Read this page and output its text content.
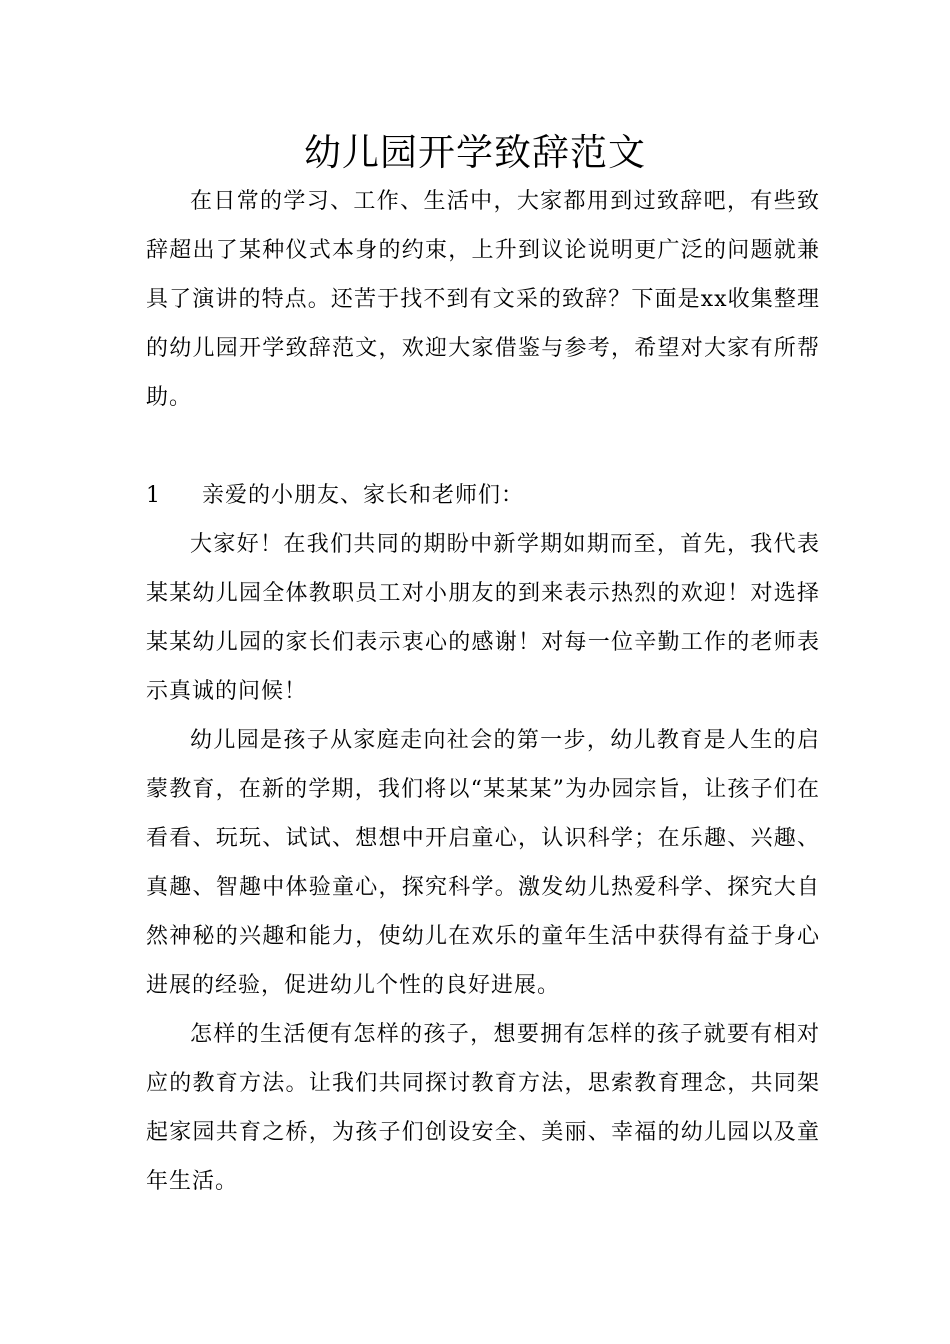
幼儿园开学致辞范文

在日常的学习、工作、生活中，大家都用到过致辞吧，有些致辞超出了某种仪式本身的约束，上升到议论说明更广泛的问题就兼具了演讲的特点。还苦于找不到有文采的致辞？下面是xx收集整理的幼儿园开学致辞范文，欢迎大家借鉴与参考，希望对大家有所帮助。

1	亲爱的小朋友、家长和老师们：

大家好！在我们共同的期盼中新学期如期而至，首先，我代表某某幼儿园全体教职员工对小朋友的到来表示热烈的欢迎！对选择某某幼儿园的家长们表示衷心的感谢！对每一位辛勤工作的老师表示真诚的问候！

幼儿园是孩子从家庭走向社会的第一步，幼儿教育是人生的启蒙教育，在新的学期，我们将以“某某某”为办园宗旨，让孩子们在看看、玩玩、试试、想想中开启童心，认识科学；在乐趣、兴趣、真趣、智趣中体验童心，探究科学。激发幼儿热爱科学、探究大自然神秘的兴趣和能力，使幼儿在欢乐的童年生活中获得有益于身心进展的经验，促进幼儿个性的良好进展。

怎样的生活便有怎样的孩子，想要拥有怎样的孩子就要有相对应的教育方法。让我们共同探讨教育方法，思索教育理念，共同架起家园共育之桥，为孩子们创设安全、美丽、幸福的幼儿园以及童年生活。
